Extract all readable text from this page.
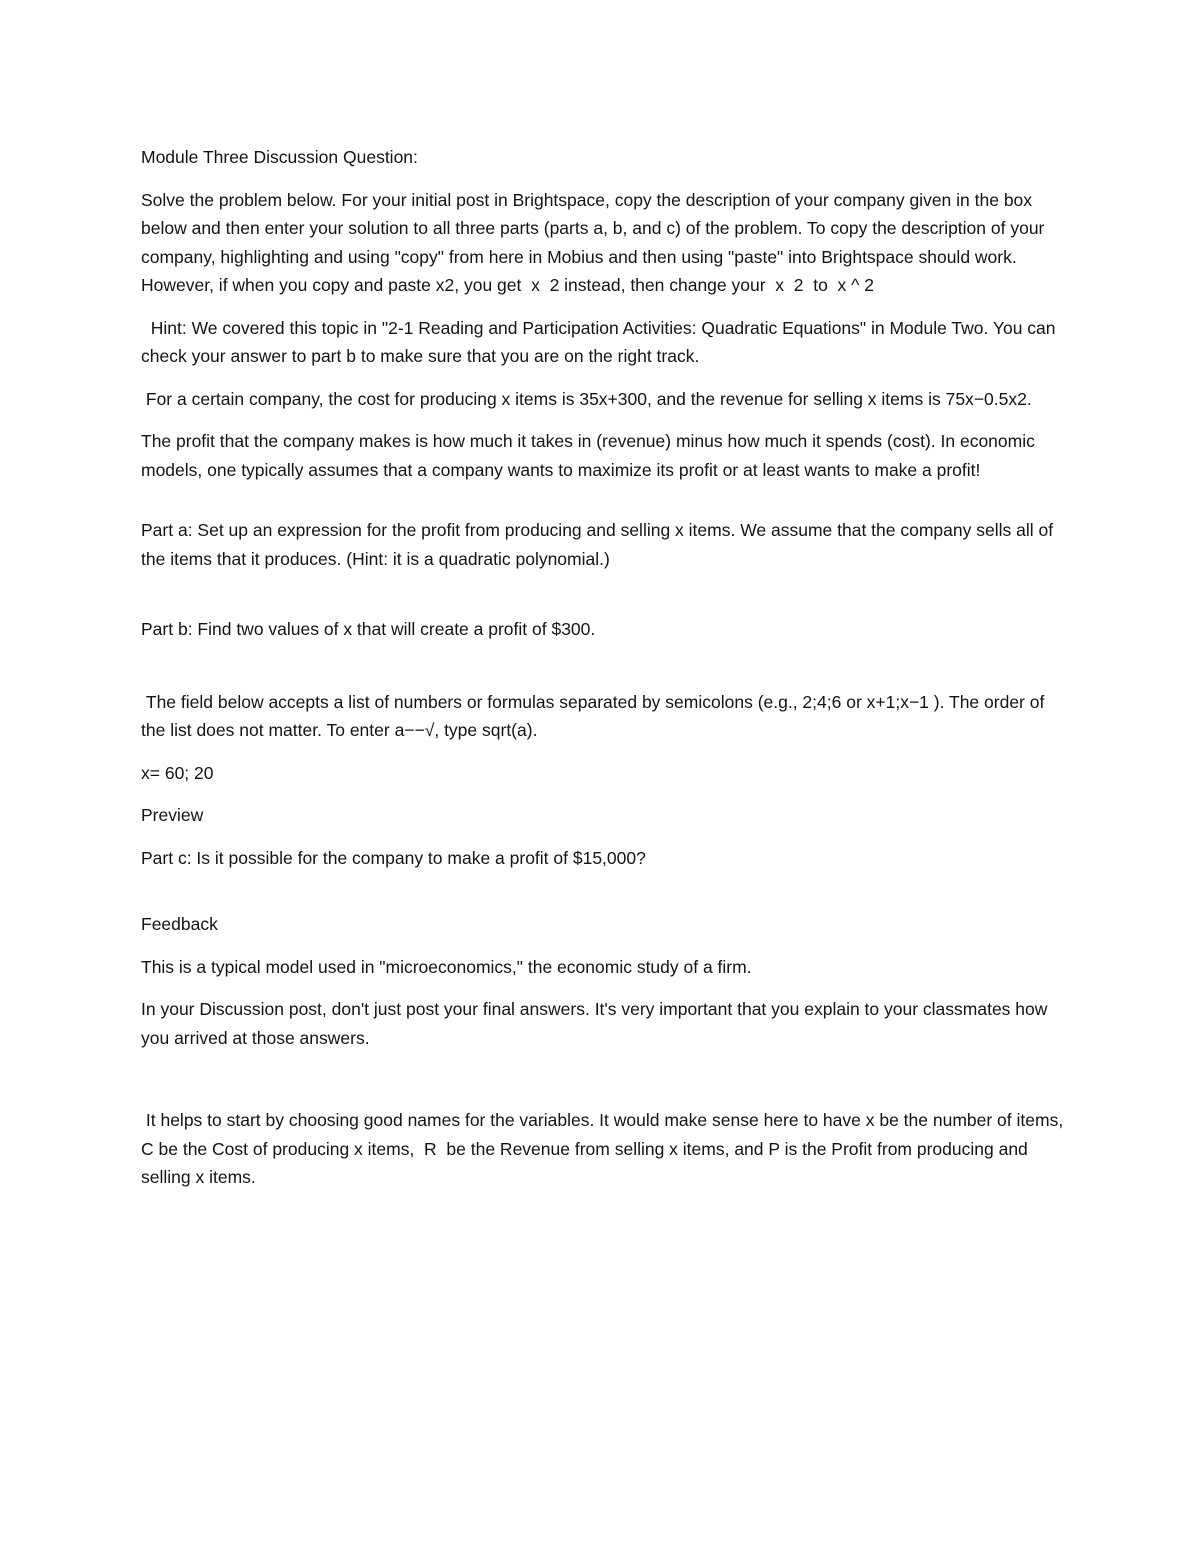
Module Three Discussion Question:

Solve the problem below. For your initial post in Brightspace, copy the description of your company given in the box below and then enter your solution to all three parts (parts a, b, and c) of the problem. To copy the description of your company, highlighting and using "copy" from here in Mobius and then using "paste" into Brightspace should work. However, if when you copy and paste x2, you get  x  2 instead, then change your  x  2  to  x ^ 2

Hint: We covered this topic in "2-1 Reading and Participation Activities: Quadratic Equations" in Module Two. You can check your answer to part b to make sure that you are on the right track.

For a certain company, the cost for producing x items is 35x+300, and the revenue for selling x items is 75x−0.5x2.

The profit that the company makes is how much it takes in (revenue) minus how much it spends (cost). In economic models, one typically assumes that a company wants to maximize its profit or at least wants to make a profit!

Part a: Set up an expression for the profit from producing and selling x items. We assume that the company sells all of the items that it produces. (Hint: it is a quadratic polynomial.)

Part b: Find two values of x that will create a profit of $300.

The field below accepts a list of numbers or formulas separated by semicolons (e.g., 2;4;6 or x+1;x−1 ). The order of the list does not matter. To enter a−−√, type sqrt(a).

x= 60; 20

Preview

Part c: Is it possible for the company to make a profit of $15,000?

Feedback

This is a typical model used in "microeconomics," the economic study of a firm.

In your Discussion post, don't just post your final answers. It's very important that you explain to your classmates how you arrived at those answers.

It helps to start by choosing good names for the variables. It would make sense here to have x be the number of items, C be the Cost of producing x items,  R  be the Revenue from selling x items, and P is the Profit from producing and selling x items.
